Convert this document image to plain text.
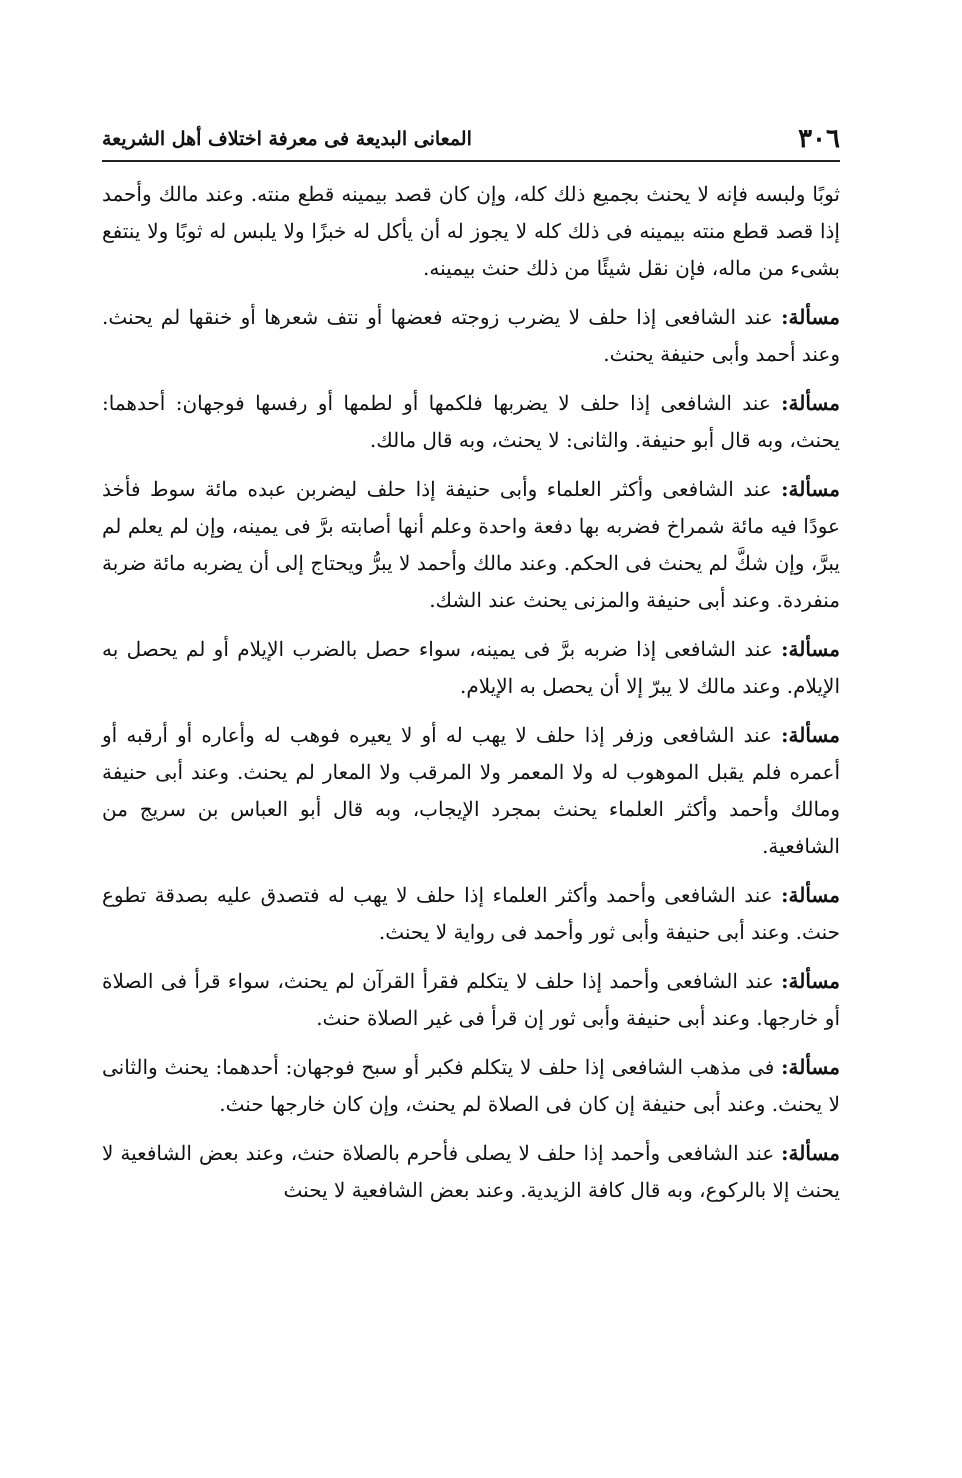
٣٠٦
المعانى البديعة فى معرفة اختلاف أهل الشريعة

ثوبًا ولبسه فإنه لا يحنث بجميع ذلك كله، وإن كان قصد بيمينه قطع منته. وعند مالك وأحمد إذا قصد قطع منته بيمينه فى ذلك كله لا يجوز له أن يأكل له خبزًا ولا يلبس له ثوبًا ولا ينتفع بشىء من ماله، فإن نقل شيئًا من ذلك حنث بيمينه.

مسألة: عند الشافعى إذا حلف لا يضرب زوجته فعضها أو نتف شعرها أو خنقها لم يحنث. وعند أحمد وأبى حنيفة يحنث.

مسألة: عند الشافعى إذا حلف لا يضربها فلكمها أو لطمها أو رفسها فوجهان: أحدهما: يحنث، وبه قال أبو حنيفة. والثانى: لا يحنث، وبه قال مالك.

مسألة: عند الشافعى وأكثر العلماء وأبى حنيفة إذا حلف ليضربن عبده مائة سوط فأخذ عودًا فيه مائة شمراخ فضربه بها دفعة واحدة وعلم أنها أصابته برَّ فى يمينه، وإن لم يعلم لم يبرَّ، وإن شكَّ لم يحنث فى الحكم. وعند مالك وأحمد لا يبرُّ ويحتاج إلى أن يضربه مائة ضربة منفردة. وعند أبى حنيفة والمزنى يحنث عند الشك.

مسألة: عند الشافعى إذا ضربه برَّ فى يمينه، سواء حصل بالضرب الإيلام أو لم يحصل به الإيلام. وعند مالك لا يبرّ إلا أن يحصل به الإيلام.

مسألة: عند الشافعى وزفر إذا حلف لا يهب له أو لا يعيره فوهب له وأعاره أو أرقبه أو أعمره فلم يقبل الموهوب له ولا المعمر ولا المرقب ولا المعار لم يحنث. وعند أبى حنيفة ومالك وأحمد وأكثر العلماء يحنث بمجرد الإيجاب، وبه قال أبو العباس بن سريج من الشافعية.

مسألة: عند الشافعى وأحمد وأكثر العلماء إذا حلف لا يهب له فتصدق عليه بصدقة تطوع حنث. وعند أبى حنيفة وأبى ثور وأحمد فى رواية لا يحنث.

مسألة: عند الشافعى وأحمد إذا حلف لا يتكلم فقرأ القرآن لم يحنث، سواء قرأ فى الصلاة أو خارجها. وعند أبى حنيفة وأبى ثور إن قرأ فى غير الصلاة حنث.

مسألة: فى مذهب الشافعى إذا حلف لا يتكلم فكبر أو سبح فوجهان: أحدهما: يحنث والثانى لا يحنث. وعند أبى حنيفة إن كان فى الصلاة لم يحنث، وإن كان خارجها حنث.

مسألة: عند الشافعى وأحمد إذا حلف لا يصلى فأحرم بالصلاة حنث، وعند بعض الشافعية لا يحنث إلا بالركوع، وبه قال كافة الزيدية. وعند بعض الشافعية لا يحنث
